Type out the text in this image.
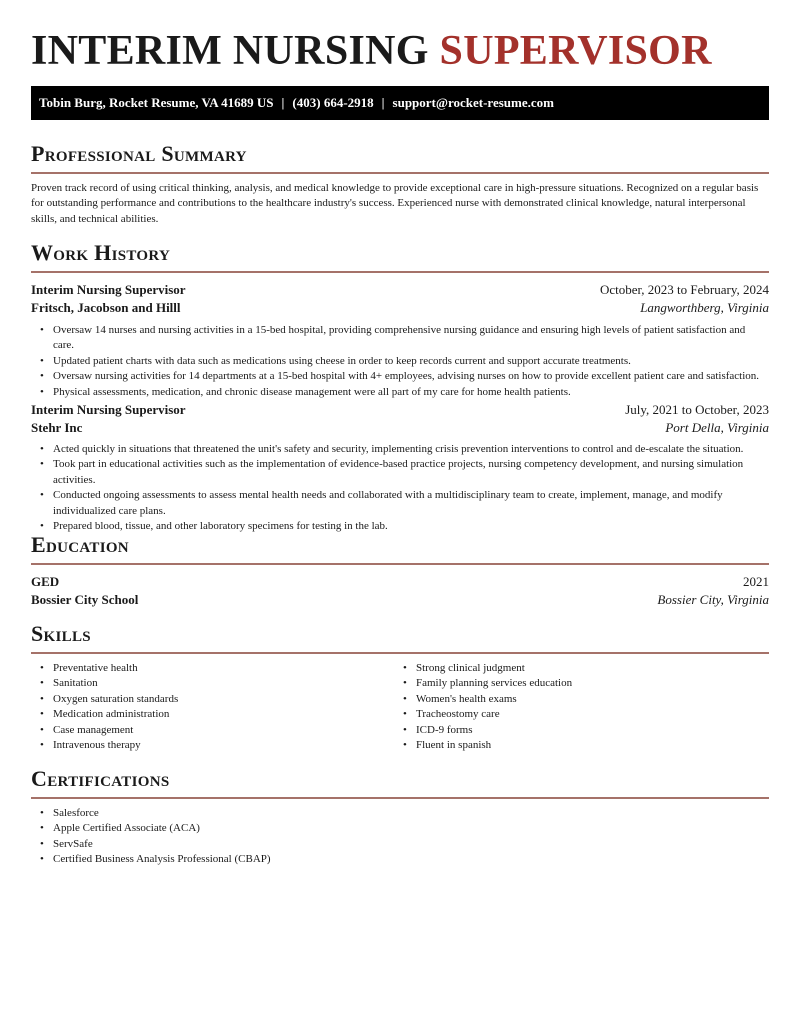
INTERIM NURSING SUPERVISOR
Tobin Burg, Rocket Resume, VA 41689 US | (403) 664-2918 | support@rocket-resume.com
Professional Summary

Proven track record of using critical thinking, analysis, and medical knowledge to provide exceptional care in high-pressure situations. Recognized on a regular basis for outstanding performance and contributions to the healthcare industry's success. Experienced nurse with demonstrated clinical knowledge, natural interpersonal skills, and technical abilities.

Work History
Interim Nursing Supervisor	October, 2023 to February, 2024
Fritsch, Jacobson and Hilll	Langworthberg, Virginia
• Oversaw 14 nurses and nursing activities in a 15-bed hospital, providing comprehensive nursing guidance and ensuring high levels of patient satisfaction and care.
• Updated patient charts with data such as medications using cheese in order to keep records current and support accurate treatments.
• Oversaw nursing activities for 14 departments at a 15-bed hospital with 4+ employees, advising nurses on how to provide excellent patient care and satisfaction.
• Physical assessments, medication, and chronic disease management were all part of my care for home health patients.
Interim Nursing Supervisor	July, 2021 to October, 2023
Stehr Inc	Port Della, Virginia
• Acted quickly in situations that threatened the unit's safety and security, implementing crisis prevention interventions to control and de-escalate the situation.
• Took part in educational activities such as the implementation of evidence-based practice projects, nursing competency development, and nursing simulation activities.
• Conducted ongoing assessments to assess mental health needs and collaborated with a multidisciplinary team to create, implement, manage, and modify individualized care plans.
• Prepared blood, tissue, and other laboratory specimens for testing in the lab.
Education
GED	2021
Bossier City School	Bossier City, Virginia
Skills
• Preventative health
• Sanitation
• Oxygen saturation standards
• Medication administration
• Case management
• Intravenous therapy
• Strong clinical judgment
• Family planning services education
• Women's health exams
• Tracheostomy care
• ICD-9 forms
• Fluent in spanish
Certifications
• Salesforce
• Apple Certified Associate (ACA)
• ServSafe
• Certified Business Analysis Professional (CBAP)
